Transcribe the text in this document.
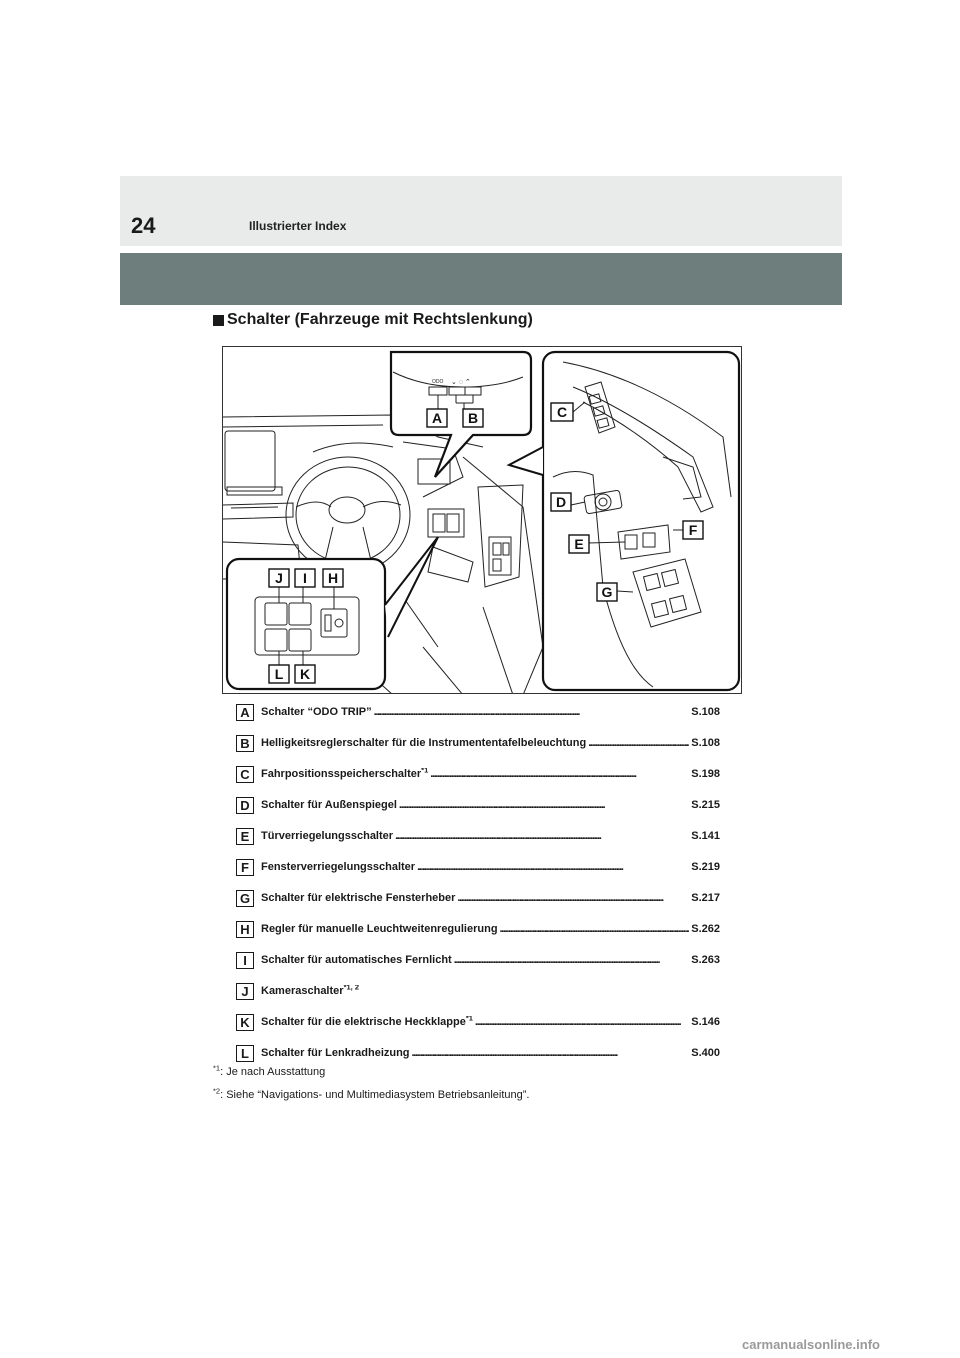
24	Illustrierter Index
Schalter (Fahrzeuge mit Rechtslenkung)
ODO ⌄ ◌ ⌃
A B	C
D
E
F
G
H
I
J
K
L
A	Schalter “ODO TRIP” . . .	S.108
B	Helligkeitsreglerschalter für die Instrumententafelbeleuchtung . . .	S.108
C	Fahrpositionsspeicherschalter$^{*1}$ . . .	S.198
D	Schalter für Außenspiegel . . .	S.215
E	Türverriegelungsschalter . . .	S.141
F	Fensterverriegelungsschalter . . .	S.219
G Schalter für elektrische Fensterheber . . .	S.217
H	Regler für manuelle Leuchtweitenregulierung . . .	S.262
I	Schalter für automatisches Fernlicht . . .	S.263
J	Kameraschalter$^{*1, 2}$
K	Schalter für die elektrische Heckklappe$^{*1}$ . . .	S.146
L	Schalter für Lenkradheizung . . .	S.400
$^{*1}$: Je nach Ausstattung
$^{*2}$: Siehe “Navigations- und Multimediasystem Betriebsanleitung”.
carmanualsonline.info
